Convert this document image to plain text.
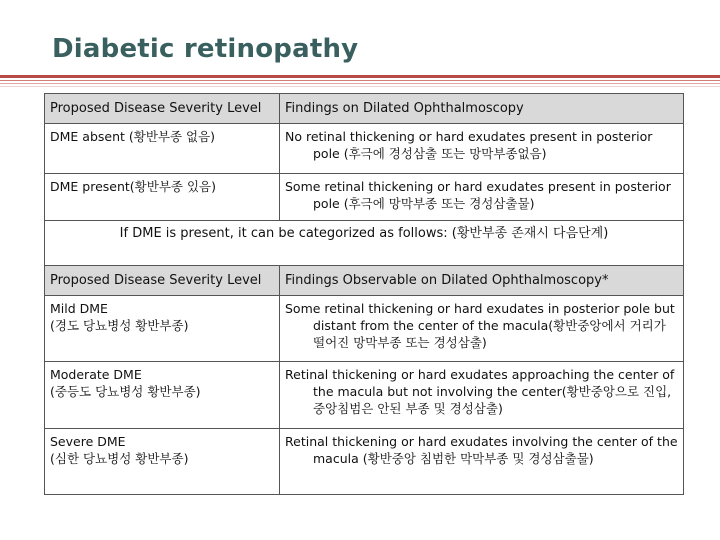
Diabetic retinopathy
Proposed Disease Severity Level	Findings on Dilated Ophthalmoscopy
DME absent (황반부종 없음)	No retinal thickening or hard exudates present in posterior pole (후극에 경성삼출 또는 망막부종없음)

DME present(황반부종 있음)	Some retinal thickening or hard exudates present in posterior pole (후극에 망막부종 또는 경성삼출물)

If DME is present, it can be categorized as follows: (황반부종 존재시 다음단계)	
Proposed Disease Severity Level	Findings Observable on Dilated Ophthalmoscopy*

Mild DME
(경도 당뇨병성 황반부종)	Some retinal thickening or hard exudates in posterior pole but distant from the center of the macula(황반중앙에서 거리가 떨어진 망막부종 또는 경성삼출)

Moderate DME
(중등도 당뇨병성 황반부종)	Retinal thickening or hard exudates approaching the center of the macula but not involving the center(황반중앙으로 진입, 중앙침범은 안된 부종 및 경성삼출)

Severe DME
(심한 당뇨병성 황반부종)	Retinal thickening or hard exudates involving the center of the macula (황반중앙 침범한 막막부종 및 경성삼출물)
